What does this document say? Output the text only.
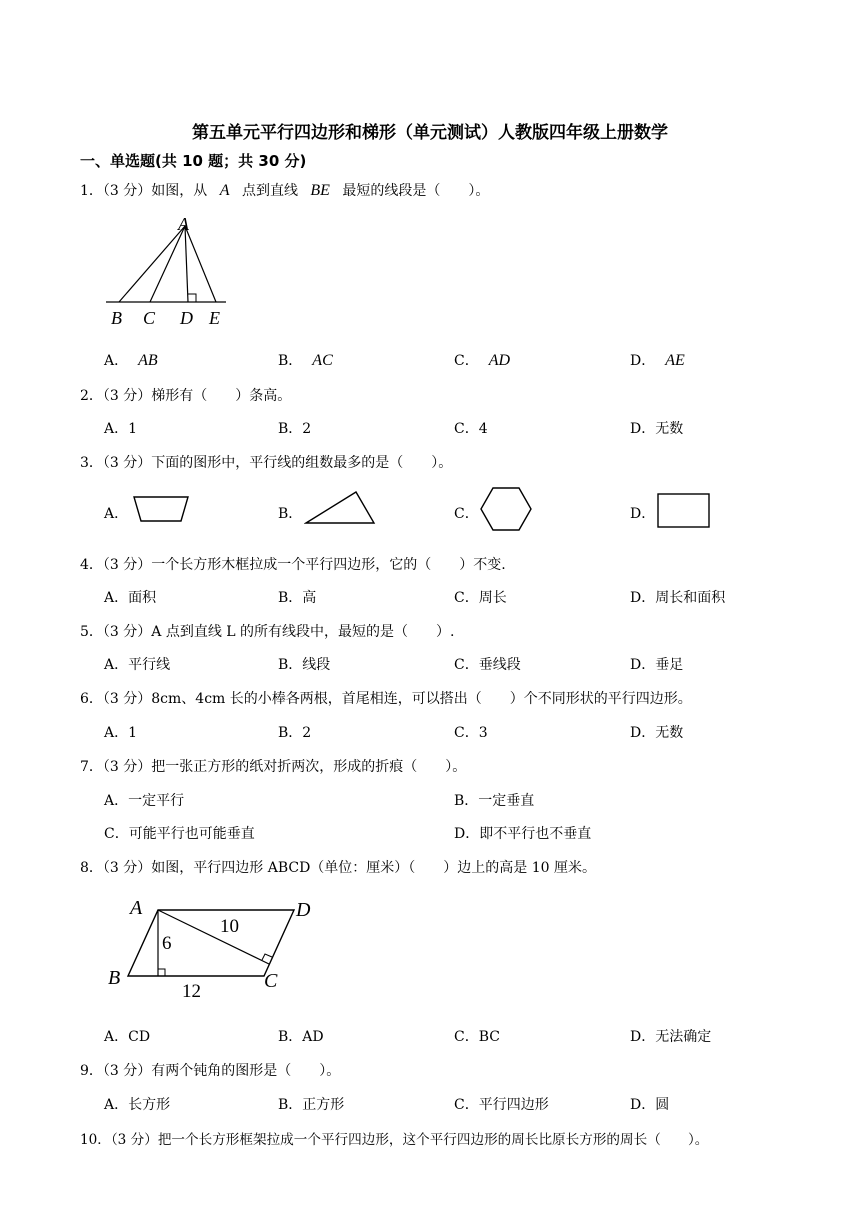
第五单元平行四边形和梯形（单元测试）人教版四年级上册数学
一、单选题(共 10 题；共 30 分)
1．（3 分）如图，从 A 点到直线 BE 最短的线段是（　　）。
A
B C D E
A． AB	B． AC	C． AD	D． AE
2．（3 分）梯形有（　　）条高。
A．1	B．2	C．4	D．无数
3．（3 分）下面的图形中，平行线的组数最多的是（　　）。
A．	B．	C．	D．
4．（3 分）一个长方形木框拉成一个平行四边形，它的（　　）不变.
A．面积	B．高	C．周长	D．周长和面积
5．（3 分）A 点到直线 L 的所有线段中，最短的是（　　）.
A．平行线	B．线段	C．垂线段	D．垂足
6．（3 分）8cm、4cm 长的小棒各两根，首尾相连，可以搭出（　　）个不同形状的平行四边形。
A．1	B．2	C．3	D．无数
7．（3 分）把一张正方形的纸对折两次，形成的折痕（　　）。
A．一定平行	B．一定垂直
C．可能平行也可能垂直	D．即不平行也不垂直
8．（3 分）如图，平行四边形 ABCD（单位：厘米）（　　）边上的高是 10 厘米。
A	D
B	C
6
10
12
A．CD	B．AD	C．BC	D．无法确定
9．（3 分）有两个钝角的图形是（　　）。
A．长方形	B．正方形	C．平行四边形	D．圆
10．（3 分）把一个长方形框架拉成一个平行四边形，这个平行四边形的周长比原长方形的周长（　　）。
